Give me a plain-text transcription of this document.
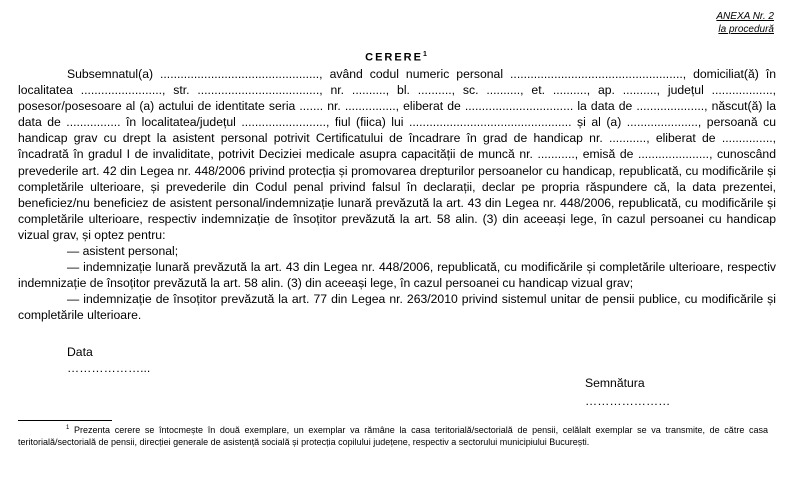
ANEXA Nr. 2
la procedură
CERERE$^1$

Subsemnatul(a) ..............................................., având codul numeric personal ..................................................., domiciliat(ă) în localitatea ........................, str. ...................................., nr. .........., bl. .........., sc. .........., et. .........., ap. .........., județul .................., posesor/posesoare al (a) actului de identitate seria ....... nr. ..............., eliberat de ................................ la data de ...................., născut(ă) la data de ................ în localitatea/județul ........................., fiul (fiica) lui ................................................ și al (a) ....................., persoană cu handicap grav cu drept la asistent personal potrivit Certificatului de încadrare în grad de handicap nr. ..........., eliberat de ..............., încadrată în gradul I de invaliditate, potrivit Deciziei medicale asupra capacității de muncă nr. ..........., emisă de ....................., cunoscând prevederile art. 42 din Legea nr. 448/2006 privind protecția și promovarea drepturilor persoanelor cu handicap, republicată, cu modificările și completările ulterioare, și prevederile din Codul penal privind falsul în declarații, declar pe propria răspundere că, la data prezentei, beneficiez/nu beneficiez de asistent personal/indemnizație lunară prevăzută la art. 43 din Legea nr. 448/2006, republicată, cu modificările și completările ulterioare, respectiv indemnizație de însoțitor prevăzută la art. 58 alin. (3) din aceeași lege, în cazul persoanei cu handicap vizual grav, și optez pentru:

— asistent personal;

— indemnizație lunară prevăzută la art. 43 din Legea nr. 448/2006, republicată, cu modificările și completările ulterioare, respectiv indemnizație de însoțitor prevăzută la art. 58 alin. (3) din aceeași lege, în cazul persoanei cu handicap vizual grav;

— indemnizație de însoțitor prevăzută la art. 77 din Legea nr. 263/2010 privind sistemul unitar de pensii publice, cu modificările și completările ulterioare.

Data
………………...
Semnătura
…………………
$^1$ Prezenta cerere se întocmește în două exemplare, un exemplar va rămâne la casa teritorială/sectorială de pensii, celălalt exemplar se va transmite, de către casa teritorială/sectorială de pensii, direcției generale de asistență socială și protecția copilului județene, respectiv a sectorului municipiului București.
